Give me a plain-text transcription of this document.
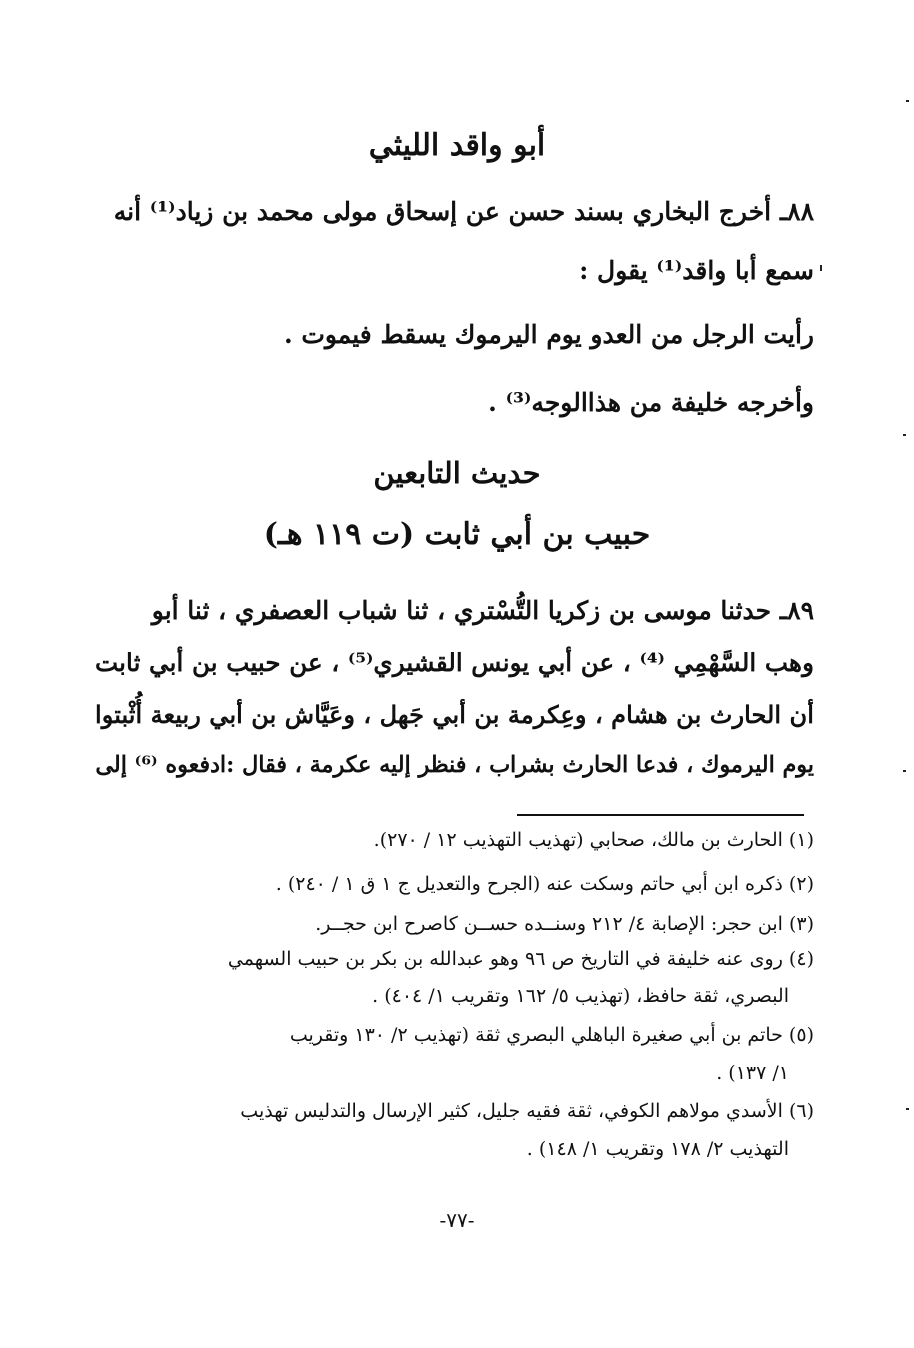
أبو واقد الليثي
٨٨ـ أخرج البخاري بسند حسن عن إسحاق مولى محمد بن زياد⁽¹⁾ أنه
سمع أبا واقد⁽¹⁾ يقول :
رأيت الرجل من العدو يوم اليرموك يسقط فيموت .
وأخرجه خليفة من هذاالوجه⁽³⁾ .
حديث التابعين
حبيب بن أبي ثابت (ت ١١٩ هـ)
٨٩ـ حدثنا موسى بن زكريا التُّسْتري ، ثنا شباب العصفري ، ثنا أبو
وهب السَّهْمِي ⁽⁴⁾ ، عن أبي يونس القشيري⁽⁵⁾ ، عن حبيب بن أبي ثابت
أن الحارث بن هشام ، وعِكرمة بن أبي جَهل ، وعَيَّاش بن أبي ربيعة أُثْبتوا
يوم اليرموك ، فدعا الحارث بشراب ، فنظر إليه عكرمة ، فقال :ادفعوه ⁽⁶⁾ إلى
(١) الحارث بن مالك، صحابي (تهذيب التهذيب ١٢ / ٢٧٠).
(٢) ذكره ابن أبي حاتم وسكت عنه (الجرح والتعديل ج ١ ق ١ / ٢٤٠) .
(٣) ابن حجر: الإصابة ٤/ ٢١٢ وسنــده حســن كاصرح ابن حجــر.
(٤) روى عنه خليفة في التاريخ ص ٩٦ وهو عبدالله بن بكر بن حبيب السهمي
البصري، ثقة حافظ، (تهذيب ٥/ ١٦٢ وتقريب ١/ ٤٠٤) .
(٥) حاتم بن أبي صغيرة الباهلي البصري ثقة (تهذيب ٢/ ١٣٠ وتقريب
١/ ١٣٧) .
(٦) الأسدي مولاهم الكوفي، ثقة فقيه جليل، كثير الإرسال والتدليس تهذيب
التهذيب ٢/ ١٧٨ وتقريب ١/ ١٤٨) .
-٧٧-
